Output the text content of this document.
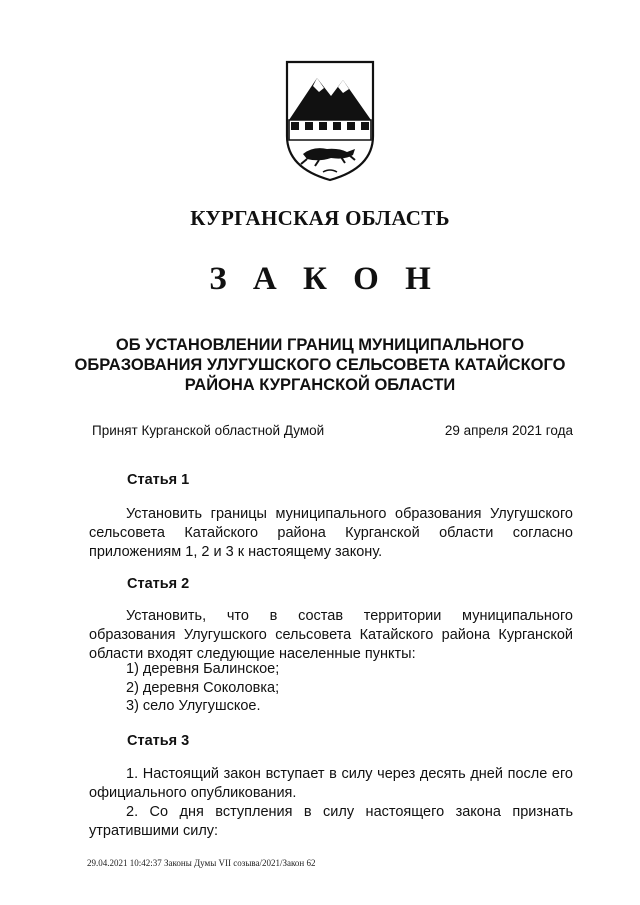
КУРГАНСКАЯ ОБЛАСТЬ
З А К О Н
ОБ УСТАНОВЛЕНИИ ГРАНИЦ МУНИЦИПАЛЬНОГО ОБРАЗОВАНИЯ УЛУГУШСКОГО СЕЛЬСОВЕТА КАТАЙСКОГО РАЙОНА КУРГАНСКОЙ ОБЛАСТИ
Принят Курганской областной Думой	29 апреля 2021 года
Статья 1
Установить границы муниципального образования Улугушского сельсовета Катайского района Курганской области согласно приложениям 1, 2 и 3 к настоящему закону.
Статья 2
Установить, что в состав территории муниципального образования Улугушского сельсовета Катайского района Курганской области входят следующие населенные пункты:
1) деревня Балинское;
2) деревня Соколовка;
3) село Улугушское.
Статья 3
1. Настоящий закон вступает в силу через десять дней после его официального опубликования.
2. Со дня вступления в силу настоящего закона признать утратившими силу:
29.04.2021 10:42:37 Законы Думы VII созыва/2021/Закон 62
